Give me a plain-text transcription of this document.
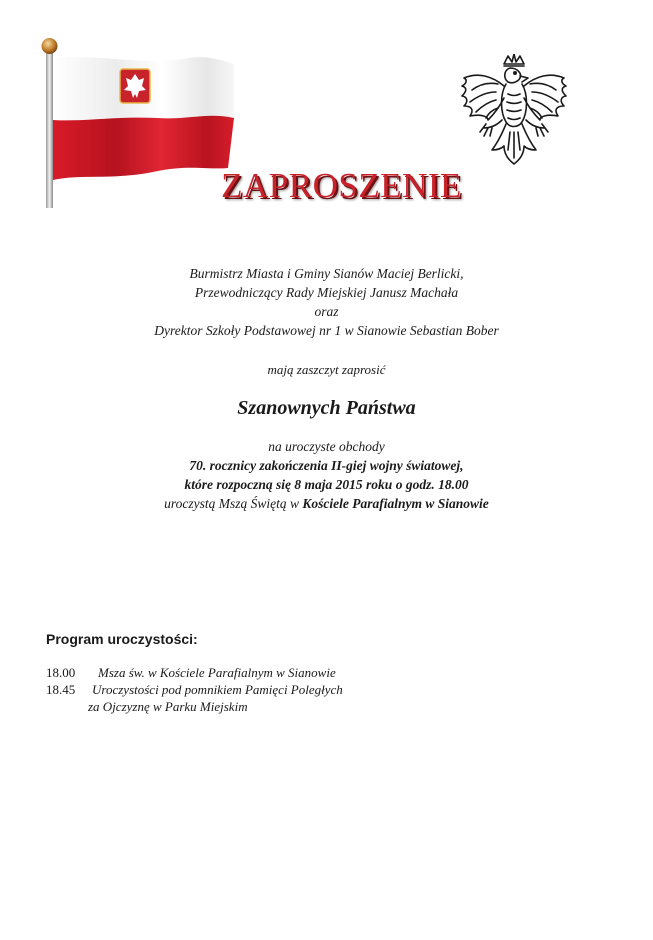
ZAPROSZENIE
Burmistrz Miasta i Gminy Sianów Maciej Berlicki,
Przewodniczący Rady Miejskiej Janusz Machała
oraz
Dyrektor Szkoły Podstawowej nr 1 w Sianowie Sebastian Bober
mają zaszczyt zaprosić
Szanownych Państwa
na uroczyste obchody
70. rocznicy zakończenia II-giej wojny światowej,
które rozpoczną się 8 maja 2015 roku o godz. 18.00
uroczystą Mszą Świętą w Kościele Parafialnym w Sianowie
Program uroczystości:
18.00 Msza św. w Kościele Parafialnym w Sianowie
18.45 Uroczystości pod pomnikiem Pamięci Poległych
za Ojczyznę w Parku Miejskim
